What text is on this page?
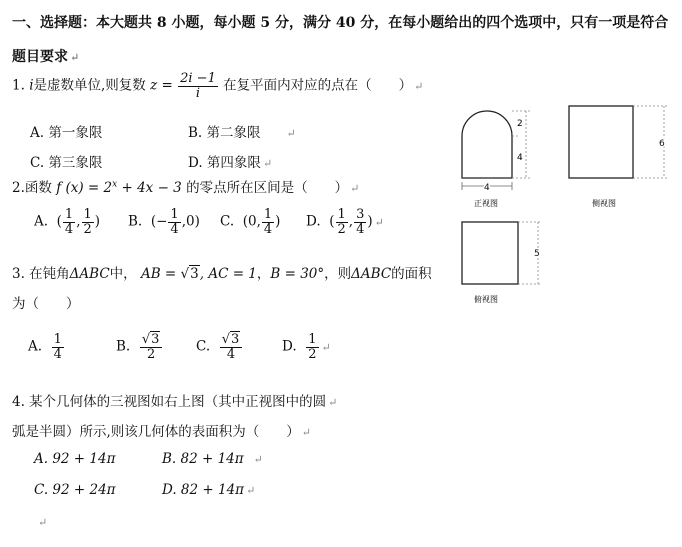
一、选择题：本大题共 8 小题，每小题 5 分，满分 40 分，在每小题给出的四个选项中，只有一项是符合
题目要求 ↵
1. i是虚数单位,则复数 $z = \frac{2i -1}{i}$ 在复平面内对应的点在（　　） ↵
A. 第一象限	B. 第二象限 ↵
C. 第三象限	D. 第四象限 ↵
2.函数 f $(x) = 2^x + 4x - 3$ 的零点所在区间是（　　） ↵
A. ( $\frac{1}{4}$ , $\frac{1}{2}$ ) B. (− $\frac{1}{4} ,0$) C. (0, $\frac{1}{4}$ ) D. ( $\frac{1}{2}$ , $\frac{3}{4}$ ) ↵
3. 在钝角ΔABC中， AB = √3, AC = 1，B = 30°，则ΔABC的面积
为（　　）
A. $\frac{1}{4}$	B. $\frac{√3}{2} C$. $\frac{√3}{4}$	D. $\frac{1}{2}$ ↵
4. 某个几何体的三视图如右上图（其中正视图中的圆 ↵
弧是半圆）所示,则该几何体的表面积为（　　） ↵
A. 92 + 14π	B. 82 + 14π ↵
C. 92 + 24π	D. 82 + 14π ↵
↵
2
4
4
正视图
6
侧视图
5
俯视图
